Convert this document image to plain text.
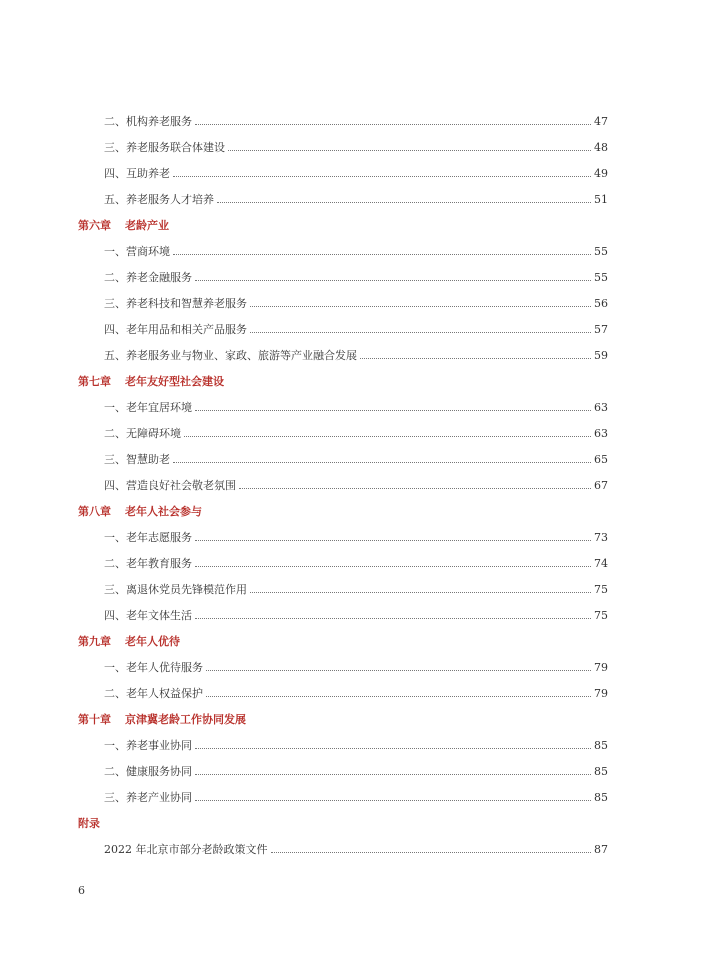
二、机构养老服务	47
三、养老服务联合体建设	48
四、互助养老	49
五、养老服务人才培养	51
第六章 老龄产业
一、营商环境	55
二、养老金融服务	55
三、养老科技和智慧养老服务	56
四、老年用品和相关产品服务	57
五、养老服务业与物业、家政、旅游等产业融合发展	59
第七章 老年友好型社会建设
一、老年宜居环境	63
二、无障碍环境	63
三、智慧助老	65
四、营造良好社会敬老氛围	67
第八章 老年人社会参与
一、老年志愿服务	73
二、老年教育服务	74
三、离退休党员先锋模范作用	75
四、老年文体生活	75
第九章 老年人优待
一、老年人优待服务	79
二、老年人权益保护	79
第十章 京津冀老龄工作协同发展
一、养老事业协同	85
二、健康服务协同	85
三、养老产业协同	85
附录
2022 年北京市部分老龄政策文件	87
6
